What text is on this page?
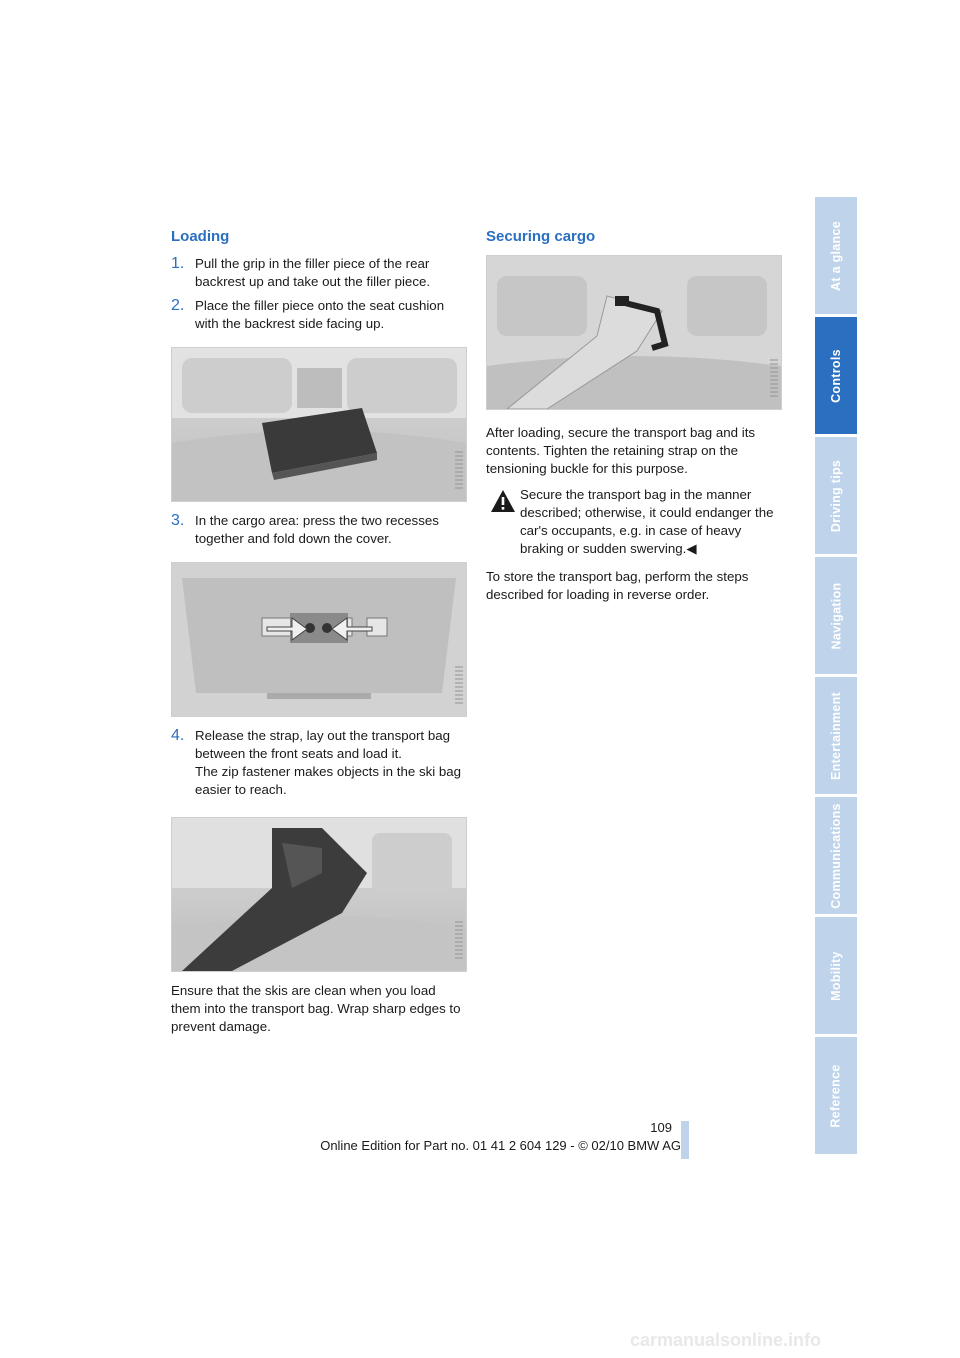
Loading
1. Pull the grip in the filler piece of the rear backrest up and take out the filler piece.

2. Place the filler piece onto the seat cushion with the backrest side facing up.

3. In the cargo area: press the two recesses together and fold down the cover.

4. Release the strap, lay out the transport bag between the front seats and load it.

The zip fastener makes objects in the ski bag easier to reach.

Ensure that the skis are clean when you load them into the transport bag. Wrap sharp edges to prevent damage.

Securing cargo

After loading, secure the transport bag and its contents. Tighten the retaining strap on the tensioning buckle for this purpose.

Secure the transport bag in the manner described; otherwise, it could endanger the car's occupants, e.g. in case of heavy braking or sudden swerving.◀

To store the transport bag, perform the steps described for loading in reverse order.

At a glance
Controls
Driving tips
Navigation
Entertainment
Communications
Mobility
Reference
109
Online Edition for Part no. 01 41 2 604 129 - © 02/10 BMW AG
carmanualsonline.info
